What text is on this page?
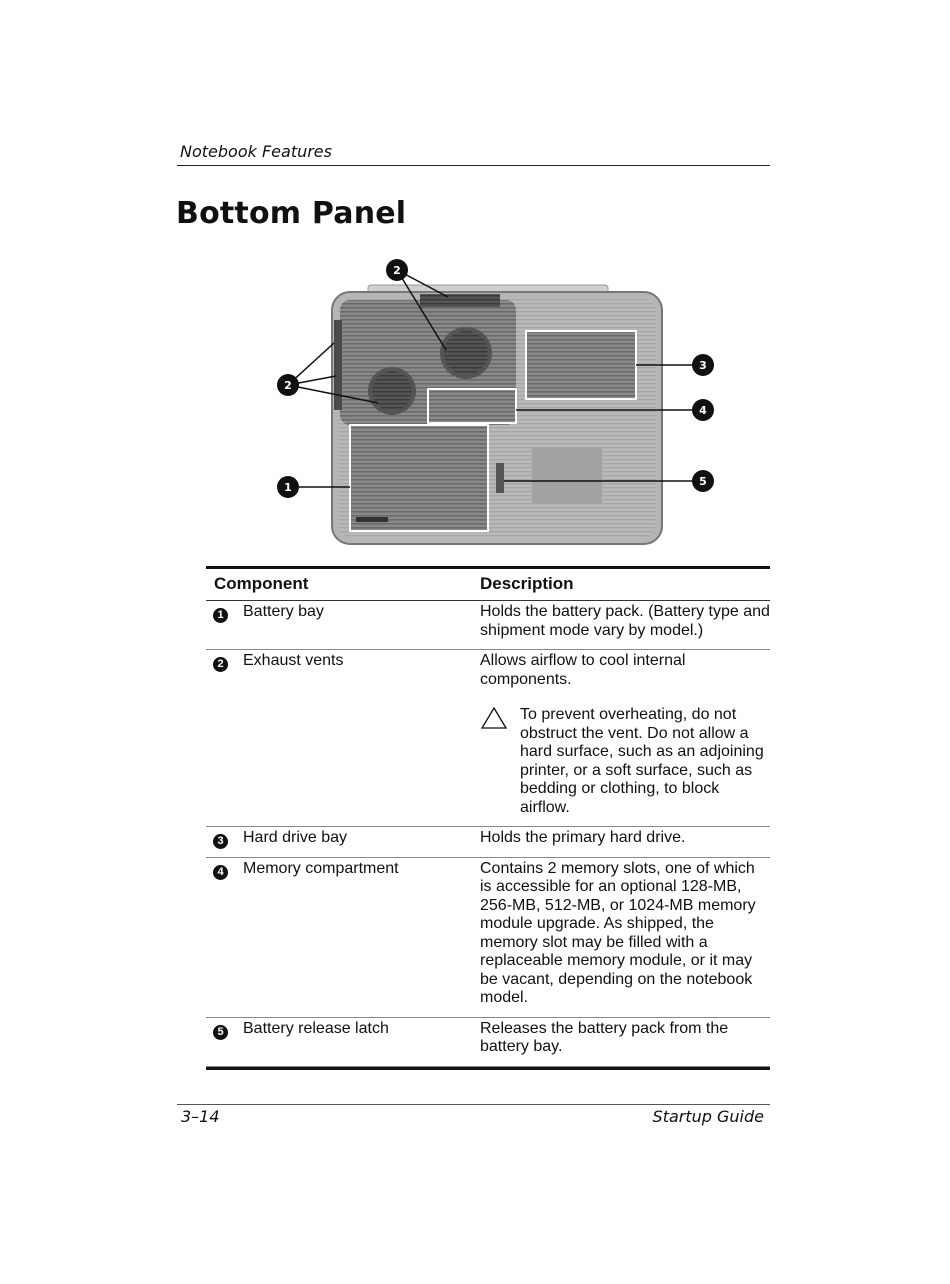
Notebook Features
Bottom Panel
2
2
3
4
5
1
Component	Description
1	Battery bay	Holds the battery pack. (Battery type and shipment mode vary by model.)
2	Exhaust vents	Allows airflow to cool internal components.
To prevent overheating, do not obstruct the vent. Do not allow a hard surface, such as an adjoining printer, or a soft surface, such as bedding or clothing, to block airflow.
3	Hard drive bay	Holds the primary hard drive.
4	Memory compartment	Contains 2 memory slots, one of which is accessible for an optional 128-MB, 256-MB, 512-MB, or 1024-MB memory module upgrade. As shipped, the memory slot may be filled with a replaceable memory module, or it may be vacant, depending on the notebook model.
5	Battery release latch	Releases the battery pack from the battery bay.
3–14	Startup Guide
